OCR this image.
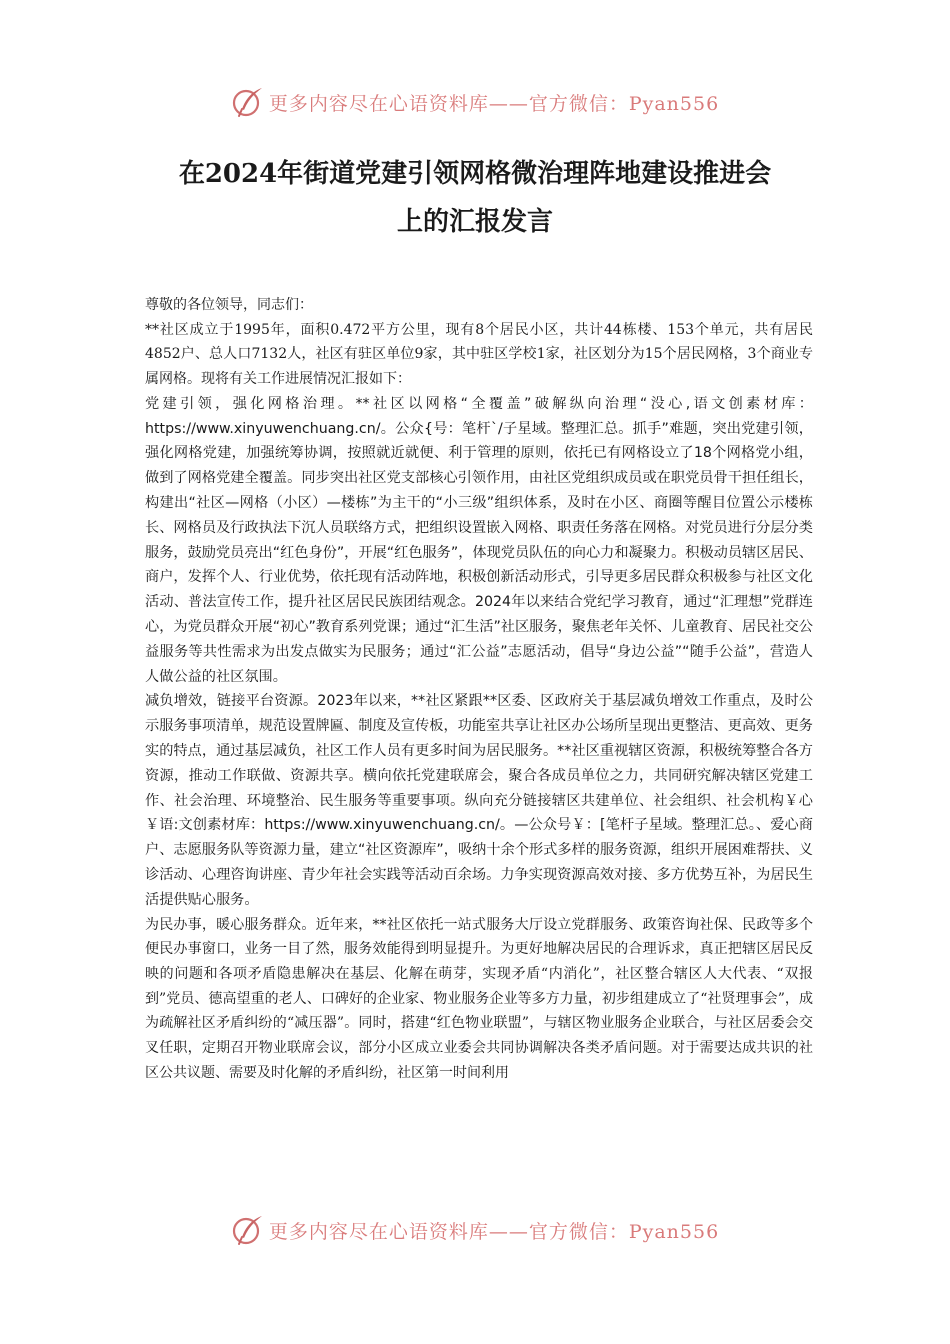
更多内容尽在心语资料库——官方微信：Pyan556
在2024年街道党建引领网格微治理阵地建设推进会
上的汇报发言

尊敬的各位领导，同志们：

**社区成立于1995年，面积0.472平方公里，现有8个居民小区，共计44栋楼、153个单元，共有居民4852户、总人口7132人，社区有驻区单位9家，其中驻区学校1家，社区划分为15个居民网格，3个商业专属网格。现将有关工作进展情况汇报如下：

党建引领，强化网格治理。**社区以网格“全覆盖”破解纵向治理“没心,语文创素材库：https://www.xinyuwenchuang.cn/。公众{号：笔杆`/子星域。整理汇总。抓手”难题，突出党建引领，强化网格党建，加强统筹协调，按照就近就便、利于管理的原则，依托已有网格设立了18个网格党小组，做到了网格党建全覆盖。同步突出社区党支部核心引领作用，由社区党组织成员或在职党员骨干担任组长，构建出“社区—网格（小区）—楼栋”为主干的“小三级”组织体系，及时在小区、商圈等醒目位置公示楼栋长、网格员及行政执法下沉人员联络方式，把组织设置嵌入网格、职责任务落在网格。对党员进行分层分类服务，鼓励党员亮出“红色身份”，开展“红色服务”，体现党员队伍的向心力和凝聚力。积极动员辖区居民、商户，发挥个人、行业优势，依托现有活动阵地，积极创新活动形式，引导更多居民群众积极参与社区文化活动、普法宣传工作，提升社区居民民族团结观念。2024年以来结合党纪学习教育，通过“汇理想”党群连心，为党员群众开展“初心”教育系列党课；通过“汇生活”社区服务，聚焦老年关怀、儿童教育、居民社交公益服务等共性需求为出发点做实为民服务；通过“汇公益”志愿活动，倡导“身边公益”“随手公益”，营造人人做公益的社区氛围。

减负增效，链接平台资源。2023年以来，**社区紧跟**区委、区政府关于基层减负增效工作重点，及时公示服务事项清单，规范设置牌匾、制度及宣传板，功能室共享让社区办公场所呈现出更整洁、更高效、更务实的特点，通过基层减负，社区工作人员有更多时间为居民服务。**社区重视辖区资源，积极统筹整合各方资源，推动工作联做、资源共享。横向依托党建联席会，聚合各成员单位之力，共同研究解决辖区党建工作、社会治理、环境整治、民生服务等重要事项。纵向充分链接辖区共建单位、社会组织、社会机构￥心￥语:文创素材库：https://www.xinyuwenchuang.cn/。—公众号￥：[笔杆子星域。整理汇总。、爱心商户、志愿服务队等资源力量，建立“社区资源库”，吸纳十余个形式多样的服务资源，组织开展困难帮扶、义诊活动、心理咨询讲座、青少年社会实践等活动百余场。力争实现资源高效对接、多方优势互补，为居民生活提供贴心服务。

为民办事，暖心服务群众。近年来，**社区依托一站式服务大厅设立党群服务、政策咨询社保、民政等多个便民办事窗口，业务一目了然，服务效能得到明显提升。为更好地解决居民的合理诉求，真正把辖区居民反映的问题和各项矛盾隐患解决在基层、化解在萌芽，实现矛盾“内消化”，社区整合辖区人大代表、“双报到”党员、德高望重的老人、口碑好的企业家、物业服务企业等多方力量，初步组建成立了“社贤理事会”，成为疏解社区矛盾纠纷的“减压器”。同时，搭建“红色物业联盟”，与辖区物业服务企业联合，与社区居委会交叉任职，定期召开物业联席会议，部分小区成立业委会共同协调解决各类矛盾问题。对于需要达成共识的社区公共议题、需要及时化解的矛盾纠纷，社区第一时间利用

更多内容尽在心语资料库——官方微信：Pyan556
